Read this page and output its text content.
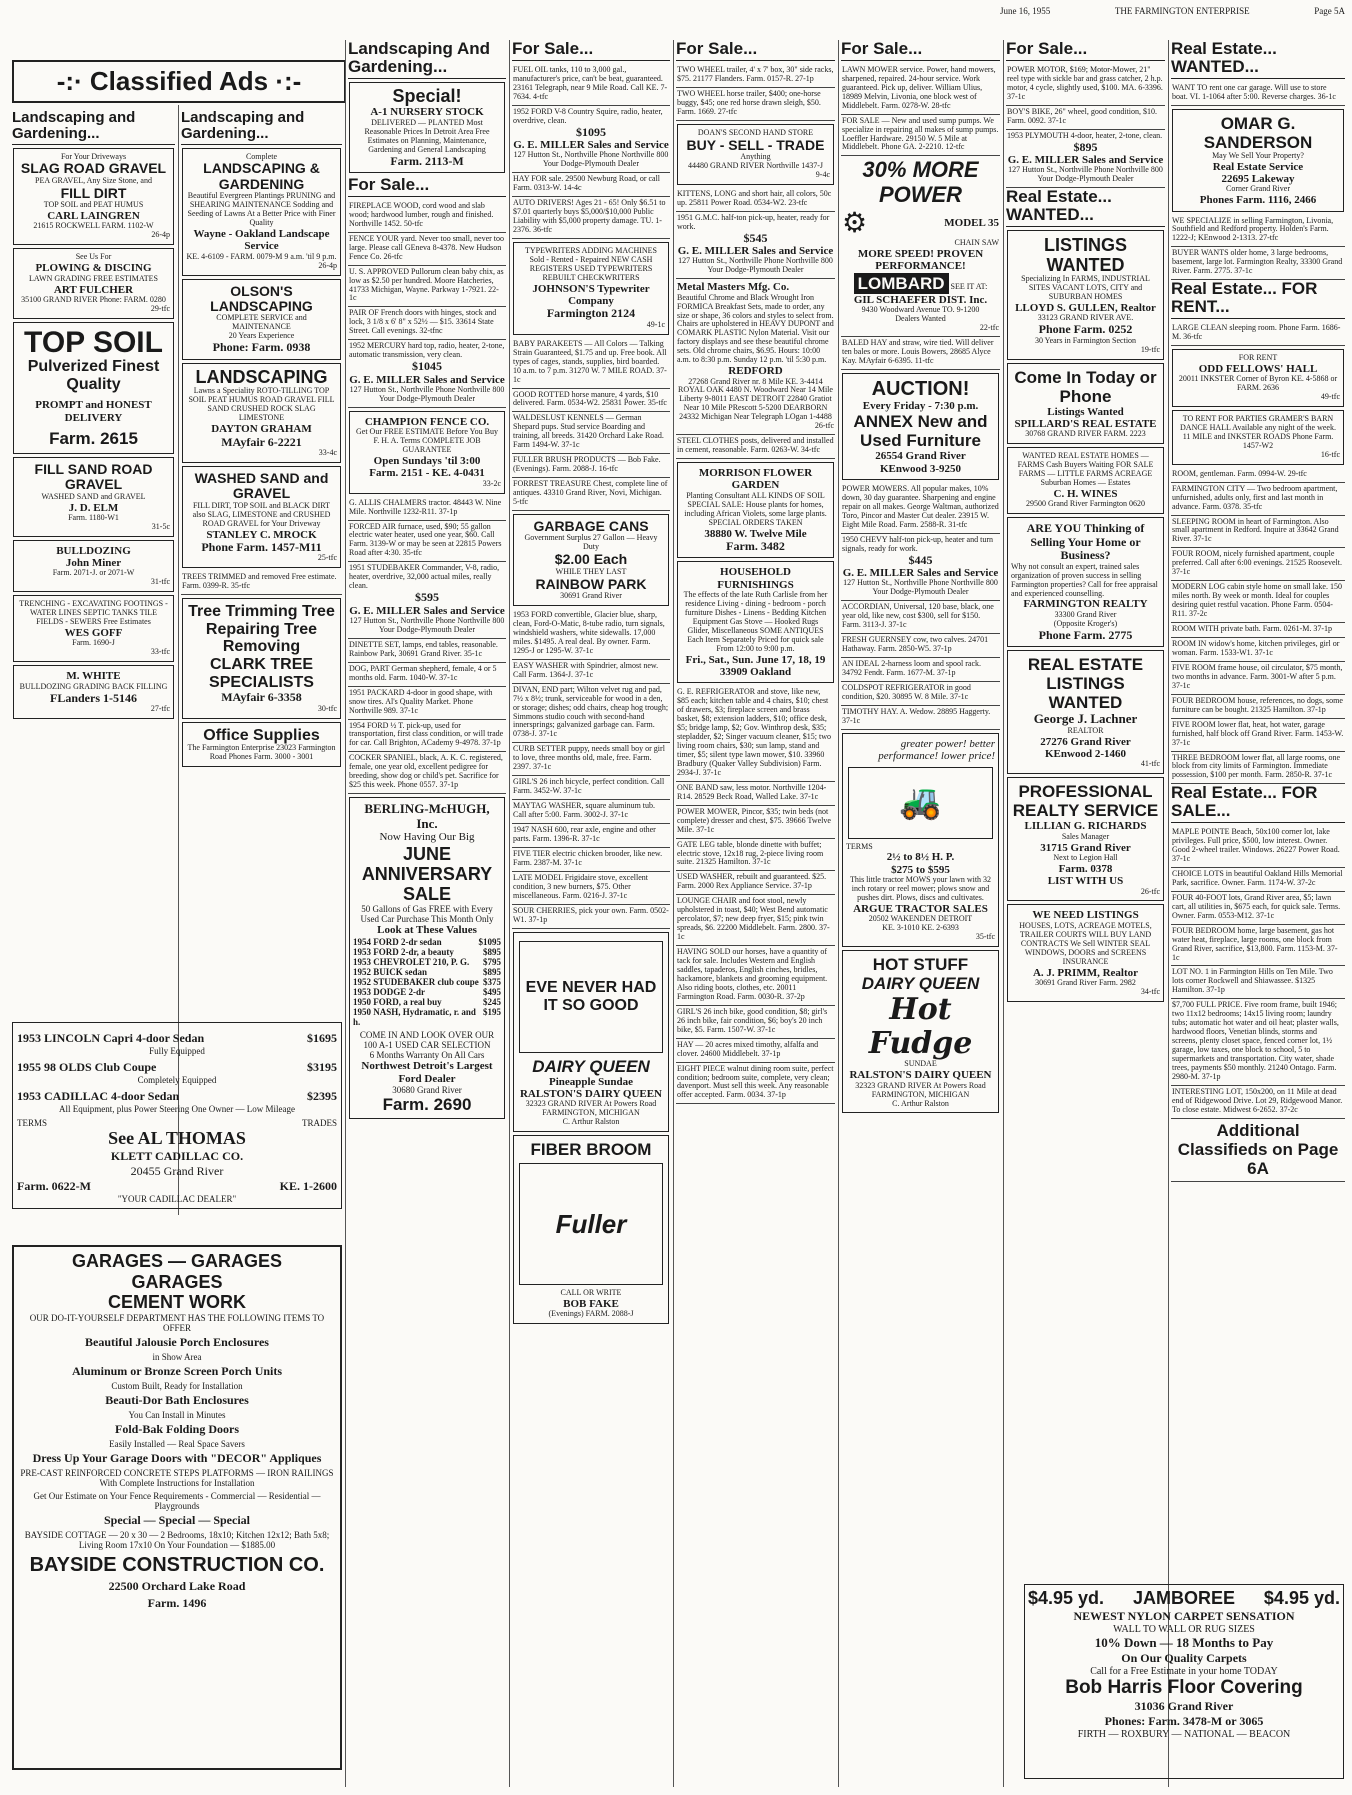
June 16, 1955	THE FARMINGTON ENTERPRISE	Page 5A
-:· Classified Ads ·:-
Landscaping and Gardening...
For Your Driveways
SLAG ROAD GRAVEL
PEA GRAVEL, Any Size Stone, and
FILL DIRT
TOP SOIL and PEAT HUMUS
CARL LAINGREN
21615 ROCKWELL FARM. 1102-W
26-4p
See Us For
PLOWING & DISCING
LAWN GRADING FREE ESTIMATES
ART FULCHER
35100 GRAND RIVER Phone: FARM. 0280
29-tfc
TOP SOIL
Pulverized Finest Quality
PROMPT and HONEST DELIVERY
Farm. 2615
FILL SAND ROAD GRAVEL
WASHED SAND and GRAVEL
J. D. ELM
Farm. 1180-W1
31-5c
BULLDOZING
John Miner
Farm. 2071-J. or 2071-W
31-tfc
TRENCHING - EXCAVATING FOOTINGS - WATER LINES SEPTIC TANKS TILE FIELDS - SEWERS Free Estimates
WES GOFF
Farm. 1690-J
33-tfc
M. WHITE
BULLDOZING GRADING BACK FILLING
FLanders 1-5146
27-tfc
Landscaping and Gardening...
Complete
LANDSCAPING & GARDENING
Beautiful Evergreen Plantings PRUNING and SHEARING MAINTENANCE Sodding and Seeding of Lawns At a Better Price with Finer Quality
Wayne - Oakland Landscape Service
KE. 4-6109 - FARM. 0079-M 9 a.m. 'til 9 p.m.
26-4p
OLSON'S LANDSCAPING
COMPLETE SERVICE and MAINTENANCE
20 Years Experience
Phone: Farm. 0938
LANDSCAPING
Lawns a Speciality ROTO-TILLING TOP SOIL PEAT HUMUS ROAD GRAVEL FILL SAND CRUSHED ROCK SLAG LIMESTONE
DAYTON GRAHAM
MAyfair 6-2221
33-4c
WASHED SAND and GRAVEL
FILL DIRT, TOP SOIL and BLACK DIRT also SLAG, LIMESTONE and CRUSHED ROAD GRAVEL for Your Driveway
STANLEY C. MROCK
Phone Farm. 1457-M11
25-tfc
TREES TRIMMED and removed Free estimate. Farm. 0399-R. 35-tfc
Tree Trimming Tree Repairing Tree Removing
CLARK TREE SPECIALISTS
MAyfair 6-3358
30-tfc
Office Supplies
The Farmington Enterprise 23023 Farmington Road Phones Farm. 3000 - 3001
1953 LINCOLN Capri 4-door Sedan	$1695
Fully Equipped
1955 98 OLDS Club Coupe	$3195
Completely Equipped
1953 CADILLAC 4-door Sedan	$2395
All Equipment, plus Power Steering One Owner — Low Mileage
TERMS	TRADES
See AL THOMAS
KLETT CADILLAC CO.
20455 Grand River
Farm. 0622-M	KE. 1-2600
"YOUR CADILLAC DEALER"
GARAGES — GARAGES
GARAGES
CEMENT WORK
OUR DO-IT-YOURSELF DEPARTMENT HAS THE FOLLOWING ITEMS TO OFFER
Beautiful Jalousie Porch Enclosures
in Show Area
Aluminum or Bronze Screen Porch Units
Custom Built, Ready for Installation
Beauti-Dor Bath Enclosures
You Can Install in Minutes
Fold-Bak Folding Doors
Easily Installed — Real Space Savers
Dress Up Your Garage Doors with "DECOR" Appliques
PRE-CAST REINFORCED CONCRETE STEPS PLATFORMS — IRON RAILINGS With Complete Instructions for Installation
Get Our Estimate on Your Fence Requirements - Commercial — Residential — Playgrounds
Special — Special — Special
BAYSIDE COTTAGE — 20 x 30 — 2 Bedrooms, 18x10; Kitchen 12x12; Bath 5x8; Living Room 17x10 On Your Foundation — $1885.00
BAYSIDE CONSTRUCTION CO.
22500 Orchard Lake Road
Farm. 1496
Landscaping And Gardening...
Special!
A-1 NURSERY STOCK
DELIVERED — PLANTED Most Reasonable Prices In Detroit Area Free Estimates on Planning, Maintenance, Gardening and General Landscaping
Farm. 2113-M
For Sale...
FIREPLACE WOOD, cord wood and slab wood; hardwood lumber, rough and finished. Northville 1452. 50-tfc
FENCE YOUR yard. Never too small, never too large. Please call GEneva 8-4378. New Hudson Fence Co. 26-tfc
U. S. APPROVED Pullorum clean baby chix, as low as $2.50 per hundred. Moore Hatcheries, 41733 Michigan, Wayne. Parkway 1-7921. 22-1c
PAIR OF French doors with hinges, stock and lock, 3 1/8 x 6' 8" x 52½ — $15. 33614 State Street. Call evenings. 32-tfnc
1952 MERCURY hard top, radio, heater, 2-tone, automatic transmission, very clean.
$1045
G. E. MILLER Sales and Service
127 Hutton St., Northville Phone Northville 800
Your Dodge-Plymouth Dealer
CHAMPION FENCE CO.
Get Our FREE ESTIMATE Before You Buy F. H. A. Terms COMPLETE JOB GUARANTEE
Open Sundays 'til 3:00
Farm. 2151 - KE. 4-0431
33-2c
G. ALLIS CHALMERS tractor. 48443 W. Nine Mile. Northville 1232-R11. 37-1p
FORCED AIR furnace, used, $90; 55 gallon electric water heater, used one year, $60. Call Farm. 3139-W or may be seen at 22815 Powers Road after 4:30. 35-tfc
1951 STUDEBAKER Commander, V-8, radio, heater, overdrive, 32,000 actual miles, really clean.
$595
G. E. MILLER Sales and Service
127 Hutton St., Northville Phone Northville 800
Your Dodge-Plymouth Dealer
DINETTE SET, lamps, end tables, reasonable. Rainbow Park, 30691 Grand River. 35-1c
DOG, PART German shepherd, female, 4 or 5 months old. Farm. 1040-W. 37-1c
1951 PACKARD 4-door in good shape, with snow tires. Al's Quality Market. Phone Northville 989. 37-1c
1954 FORD ½ T. pick-up, used for transportation, first class condition, or will trade for car. Call Brighton, ACademy 9-4978. 37-1p
COCKER SPANIEL, black, A. K. C. registered, female, one year old, excellent pedigree for breeding, show dog or child's pet. Sacrifice for $25 this week. Phone 0557. 37-1p
BERLING-McHUGH, Inc.
Now Having Our Big
JUNE ANNIVERSARY SALE
50 Gallons of Gas FREE with Every Used Car Purchase This Month Only
Look at These Values
1954 FORD 2-dr sedan	$1095
1953 FORD 2-dr, a beauty	$895
1953 CHEVROLET 210, P. G. $795
1952 BUICK sedan	$895
1952 STUDEBAKER club coupe $375
1953 DODGE 2-dr	$495
1950 FORD, a real buy	$245
1950 NASH, Hydramatic, r. and h.
$195
COME IN AND LOOK OVER OUR 100 A-1 USED CAR SELECTION
6 Months Warranty On All Cars
Northwest Detroit's Largest Ford Dealer
30680 Grand River
Farm. 2690
For Sale...
FUEL OIL tanks, 110 to 3,000 gal., manufacturer's price, can't be beat, guaranteed. 23161 Telegraph, near 9 Mile Road. Call KE. 7-7634. 4-tfc
1952 FORD V-8 Country Squire, radio, heater, overdrive, clean.
$1095
G. E. MILLER Sales and Service
127 Hutton St., Northville Phone Northville 800
Your Dodge-Plymouth Dealer
HAY FOR sale. 29500 Newburg Road, or call Farm. 0313-W. 14-4c
AUTO DRIVERS! Ages 21 - 65! Only $6.51 to $7.01 quarterly buys $5,000/$10,000 Public Liability with $5,000 property damage. TU. 1-2376. 36-tfc
TYPEWRITERS ADDING MACHINES Sold - Rented - Repaired NEW CASH REGISTERS USED TYPEWRITERS REBUILT CHECKWRITERS
JOHNSON'S Typewriter Company
Farmington 2124
49-1c
BABY PARAKEETS — All Colors — Talking Strain Guaranteed, $1.75 and up. Free book. All types of cages, stands, supplies, bird boarded. 10 a.m. to 7 p.m. 31270 W. 7 MILE ROAD. 37-1c
GOOD ROTTED horse manure, 4 yards, $10 delivered. Farm. 0534-W2. 25831 Power. 35-tfc
WALDESLUST KENNELS — German Shepard pups. Stud service Boarding and training, all breeds. 31420 Orchard Lake Road. Farm 1494-W. 37-1c
FULLER BRUSH PRODUCTS — Bob Fake. (Evenings). Farm. 2088-J. 16-tfc
FORREST TREASURE Chest, complete line of antiques. 43310 Grand River, Novi, Michigan. 5-tfc
GARBAGE CANS
Government Surplus 27 Gallon — Heavy Duty
$2.00 Each
WHILE THEY LAST
RAINBOW PARK
30691 Grand River
1953 FORD convertible, Glacier blue, sharp, clean, Ford-O-Matic, 8-tube radio, turn signals, windshield washers, white sidewalls. 17,000 miles. $1495. A real deal. By owner. Farm. 1295-J or 1295-W. 37-1c
EASY WASHER with Spindrier, almost new. Call Farm. 1364-J. 37-1c
DIVAN, END part; Wilton velvet rug and pad, 7½ x 8½; trunk, serviceable for wood in a den, or storage; dishes; odd chairs, cheap hog trough; Simmons studio couch with second-hand innersprings; galvanized garbage can. Farm. 0738-J. 37-1c
CURB SETTER puppy, needs small boy or girl to love, three months old, male, free. Farm. 2397. 37-1c
GIRL'S 26 inch bicycle, perfect condition. Call Farm. 3452-W. 37-1c
MAYTAG WASHER, square aluminum tub. Call after 5:00. Farm. 3002-J. 37-1c
1947 NASH 600, rear axle, engine and other parts. Farm. 1396-R. 37-1c
FIVE TIER electric chicken brooder, like new. Farm. 2387-M. 37-1c
LATE MODEL Frigidaire stove, excellent condition, 3 new burners, $75. Other miscellaneous. Farm. 0216-J. 37-1c
SOUR CHERRIES, pick your own. Farm. 0502-W1. 37-1p
EVE NEVER HAD IT SO GOOD
DAIRY QUEEN
Pineapple Sundae
RALSTON'S DAIRY QUEEN
32323 GRAND RIVER At Powers Road FARMINGTON, MICHIGAN
C. Arthur Ralston
FIBER BROOM
Fuller
CALL OR WRITE
BOB FAKE
(Evenings) FARM. 2088-J
For Sale...
TWO WHEEL trailer, 4' x 7' box, 30" side racks, $75. 21177 Flanders. Farm. 0157-R. 27-1p
TWO WHEEL horse trailer, $400; one-horse buggy, $45; one red horse drawn sleigh, $50. Farm. 1669. 27-tfc
DOAN'S SECOND HAND STORE
BUY - SELL - TRADE
Anything
44480 GRAND RIVER Northville 1437-J
9-4c
KITTENS, LONG and short hair, all colors, 50c up. 25811 Power Road. 0534-W2. 23-tfc
1951 G.M.C. half-ton pick-up, heater, ready for work.
$545
G. E. MILLER Sales and Service
127 Hutton St., Northville Phone Northville 800
Your Dodge-Plymouth Dealer
Metal Masters Mfg. Co.
Beautiful Chrome and Black Wrought Iron FORMICA Breakfast Sets, made to order, any size or shape, 36 colors and styles to select from. Chairs are upholstered in HEAVY DUPONT and COMARK PLASTIC Nylon Material. Visit our factory displays and see these beautiful chrome sets. Old chrome chairs, $6.95. Hours: 10:00 a.m. to 8:30 p.m. Sunday 12 p.m. 'til 5:30 p.m.
REDFORD
27268 Grand River nr. 8 Mile KE. 3-4414 ROYAL OAK 4480 N. Woodward Near 14 Mile Liberty 9-8011 EAST DETROIT 22840 Gratiot Near 10 Mile PRescott 5-5200 DEARBORN 24332 Michigan Near Telegraph LOgan 1-4488
26-tfc
STEEL CLOTHES posts, delivered and installed in cement, reasonable. Farm. 0263-W. 34-tfc
MORRISON FLOWER GARDEN
Planting Consultant ALL KINDS OF SOIL SPECIAL SALE: House plants for homes, including African Violets, some large plants. SPECIAL ORDERS TAKEN
38880 W. Twelve Mile
Farm. 3482
HOUSEHOLD FURNISHINGS
The effects of the late Ruth Carlisle from her residence Living - dining - bedroom - porch furniture Dishes - Linens - Bedding Kitchen Equipment Gas Stove — Hooked Rugs Glider, Miscellaneous SOME ANTIQUES Each Item Separately Priced for quick sale From 12:00 to 9:00 p.m.
Fri., Sat., Sun. June 17, 18, 19
33909 Oakland
G. E. REFRIGERATOR and stove, like new, $85 each; kitchen table and 4 chairs, $10; chest of drawers, $3; fireplace screen and brass basket, $8; extension ladders, $10; office desk, $5; bridge lamp, $2; Gov. Winthrop desk, $35; stepladder, $2; Singer vacuum cleaner, $15; two living room chairs, $30; sun lamp, stand and timer, $5; silent type lawn mower, $10. 33960 Bradbury (Quaker Valley Subdivision) Farm. 2934-J. 37-1c
ONE BAND saw, less motor. Northville 1204-R14. 28529 Beck Road, Walled Lake. 37-1c
POWER MOWER, Pincor, $35; twin beds (not complete) dresser and chest, $75. 39666 Twelve Mile. 37-1c
GATE LEG table, blonde dinette with buffet; electric stove, 12x18 rug, 2-piece living room suite. 21325 Hamilton. 37-1c
USED WASHER, rebuilt and guaranteed. $25. Farm. 2000 Rex Appliance Service. 37-1p
LOUNGE CHAIR and foot stool, newly upholstered in toast, $40; West Bend automatic percolator, $7; new deep fryer, $15; pink twin spreads, $6. 22200 Middlebelt. Farm. 2800. 37-1c
HAVING SOLD our horses, have a quantity of tack for sale. Includes Western and English saddles, tapaderos, English cinches, bridles, hackamore, blankets and grooming equipment. Also riding boots, clothes, etc. 20011 Farmington Road. Farm. 0030-R. 37-2p
GIRL'S 26 inch bike, good condition, $8; girl's 26 inch bike, fair condition, $6; boy's 20 inch bike, $5. Farm. 1507-W. 37-1c
HAY — 20 acres mixed timothy, alfalfa and clover. 24600 Middlebelt. 37-1p
EIGHT PIECE walnut dining room suite, perfect condition; bedroom suite, complete, very clean; davenport. Must sell this week. Any reasonable offer accepted. Farm. 0034. 37-1p
For Sale...
LAWN MOWER service. Power, hand mowers, sharpened, repaired. 24-hour service. Work guaranteed. Pick up, deliver. William Ulius, 18989 Melvin, Livonia, one block west of Middlebelt. Farm. 0278-W. 28-tfc
FOR SALE — New and used sump pumps. We specialize in repairing all makes of sump pumps. Loeffler Hardware. 29150 W. 5 Mile at Middlebelt. Phone GA. 2-2210. 12-tfc
30% MORE POWER
⚙	MODEL 35
CHAIN SAW
MORE SPEED! PROVEN PERFORMANCE!
LOMBARD SEE IT AT:
GIL SCHAEFER DIST. Inc.
9430 Woodward Avenue TO. 9-1200
Dealers Wanted
22-tfc
BALED HAY and straw, wire tied. Will deliver ten bales or more. Louis Bowers, 28685 Alyce Kay. MAyfair 6-6395. 11-tfc
AUCTION!
Every Friday - 7:30 p.m.
ANNEX New and Used Furniture
26554 Grand River
KEnwood 3-9250
POWER MOWERS. All popular makes, 10% down, 30 day guarantee. Sharpening and engine repair on all makes. George Waltman, authorized Toro, Pincor and Master Cut dealer. 23915 W. Eight Mile Road. Farm. 2588-R. 31-tfc
1950 CHEVY half-ton pick-up, heater and turn signals, ready for work.
$445
G. E. MILLER Sales and Service
127 Hutton St., Northville Phone Northville 800
Your Dodge-Plymouth Dealer
ACCORDIAN, Universal, 120 base, black, one year old, like new, cost $300, sell for $150. Farm. 3113-J. 37-1c
FRESH GUERNSEY cow, two calves. 24701 Hathaway. Farm. 2850-W5. 37-1p
AN IDEAL 2-harness loom and spool rack. 34792 Fendt. Farm. 1677-M. 37-1p
COLDSPOT REFRIGERATOR in good condition, $20. 30895 W. 8 Mile. 37-1c
TIMOTHY HAY. A. Wedow. 28895 Haggerty. 37-1c
greater power! better performance! lower price!
🚜
TERMS
2½ to 8½ H. P.
$275 to $595
This little tractor MOWS your lawn with 32 inch rotary or reel mower; plows snow and pushes dirt. Plows, discs and cultivates.
ARGUE TRACTOR SALES
20502 WAKENDEN DETROIT
KE. 3-1010 KE. 2-6393
35-tfc
HOT STUFF
DAIRY QUEEN
Hot Fudge
SUNDAE
RALSTON'S DAIRY QUEEN
32323 GRAND RIVER At Powers Road FARMINGTON, MICHIGAN
C. Arthur Ralston
For Sale...
POWER MOTOR, $169; Motor-Mower, 21" reel type with sickle bar and grass catcher, 2 h.p. motor, 4 cycle, slightly used, $100. MA. 6-3396. 37-1c
BOY'S BIKE, 26" wheel, good condition, $10. Farm. 0092. 37-1c
1953 PLYMOUTH 4-door, heater, 2-tone, clean.
$895
G. E. MILLER Sales and Service
127 Hutton St., Northville Phone Northville 800
Your Dodge-Plymouth Dealer
Real Estate... WANTED...
LISTINGS WANTED
Specializing In FARMS, INDUSTRIAL SITES VACANT LOTS, CITY and SUBURBAN HOMES
LLOYD S. GULLEN, Realtor
33123 GRAND RIVER AVE.
Phone Farm. 0252
30 Years in Farmington Section
19-tfc
Come In Today or Phone
Listings Wanted
SPILLARD'S REAL ESTATE
30768 GRAND RIVER FARM. 2223
WANTED REAL ESTATE HOMES — FARMS Cash Buyers Waiting FOR SALE FARMS — LITTLE FARMS ACREAGE Suburban Homes — Estates
C. H. WINES
29500 Grand River Farmington 0620
ARE YOU Thinking of Selling Your Home or Business?
Why not consult an expert, trained sales organization of proven success in selling Farmington properties? Call for free appraisal and experienced counselling.
FARMINGTON REALTY
33300 Grand River
(Opposite Kroger's)
Phone Farm. 2775
REAL ESTATE LISTINGS WANTED
George J. Lachner
REALTOR
27276 Grand River
KEnwood 2-1460
41-tfc
PROFESSIONAL REALTY SERVICE
LILLIAN G. RICHARDS
Sales Manager
31715 Grand River
Next to Legion Hall
Farm. 0378
LIST WITH US
26-tfc
WE NEED LISTINGS
HOUSES, LOTS, ACREAGE MOTELS, TRAILER COURTS WILL BUY LAND CONTRACTS We Sell WINTER SEAL WINDOWS, DOORS and SCREENS INSURANCE
A. J. PRIMM, Realtor
30691 Grand River Farm. 2982
34-tfc
Real Estate... WANTED...
WANT TO rent one car garage. Will use to store boat. VI. 1-1064 after 5:00. Reverse charges. 36-1c
OMAR G. SANDERSON
May We Sell Your Property?
Real Estate Service
22695 Lakeway
Corner Grand River
Phones Farm. 1116, 2466
WE SPECIALIZE in selling Farmington, Livonia, Southfield and Redford property. Holden's Farm. 1222-J; KEnwood 2-1313. 27-tfc
BUYER WANTS older home, 3 large bedrooms, basement, large lot. Farmington Realty, 33300 Grand River. Farm. 2775. 37-1c
Real Estate... FOR RENT...
LARGE CLEAN sleeping room. Phone Farm. 1686-M. 36-tfc
FOR RENT
ODD FELLOWS' HALL
20011 INKSTER Corner of Byron KE. 4-5868 or FARM. 2636
49-tfc
TO RENT FOR PARTIES GRAMER'S BARN DANCE HALL Available any night of the week. 11 MILE and INKSTER ROADS Phone Farm. 1457-W2
16-tfc
ROOM, gentleman. Farm. 0994-W. 29-tfc
FARMINGTON CITY — Two bedroom apartment, unfurnished, adults only, first and last month in advance. Farm. 0378. 35-tfc
SLEEPING ROOM in heart of Farmington. Also small apartment in Redford. Inquire at 33642 Grand River. 37-1c
FOUR ROOM, nicely furnished apartment, couple preferred. Call after 6:00 evenings. 21525 Roosevelt. 37-1c
MODERN LOG cabin style home on small lake. 150 miles north. By week or month. Ideal for couples desiring quiet restful vacation. Phone Farm. 0504-R11. 37-2c
ROOM WITH private bath. Farm. 0261-M. 37-1p
ROOM IN widow's home, kitchen privileges, girl or woman. Farm. 1533-W1. 37-1c
FIVE ROOM frame house, oil circulator, $75 month, two months in advance. Farm. 3001-W after 5 p.m. 37-1c
FOUR BEDROOM house, references, no dogs, some furniture can be bought. 21325 Hamilton. 37-1p
FIVE ROOM lower flat, heat, hot water, garage furnished, half block off Grand River. Farm. 1453-W. 37-1c
THREE BEDROOM lower flat, all large rooms, one block from city limits of Farmington. Immediate possession, $100 per month. Farm. 2850-R. 37-1c
Real Estate... FOR SALE...
MAPLE POINTE Beach, 50x100 corner lot, lake privileges. Full price, $500, low interest. Owner. Good 2-wheel trailer. Windows. 26227 Power Road. 37-1c
CHOICE LOTS in beautiful Oakland Hills Memorial Park, sacrifice. Owner. Farm. 1174-W. 37-2c
FOUR 40-FOOT lots, Grand River area, $5; lawn cart, all utilities in, $675 each, for quick sale. Terms. Owner. Farm. 0553-M12. 37-1c
FOUR BEDROOM home, large basement, gas hot water heat, fireplace, large rooms, one block from Grand River, sacrifice, $13,800. Farm. 1153-M. 37-1c
LOT NO. 1 in Farmington Hills on Ten Mile. Two lots corner Rockwell and Shiawassee. $1325 Hamilton. 37-1p
$7,700 FULL PRICE. Five room frame, built 1946; two 11x12 bedrooms; 14x15 living room; laundry tubs; automatic hot water and oil heat; plaster walls, hardwood floors, Venetian blinds, storms and screens, plenty closet space, fenced corner lot, 1½ garage, low taxes, one block to school, 5 to supermarkets and transportation. City water, shade trees, payments $50 monthly. 21240 Ontago. Farm. 2980-M. 37-1p
INTERESTING LOT, 150x200, on 11 Mile at dead end of Ridgewood Drive. Lot 29, Ridgewood Manor. To close estate. Midwest 6-2652. 37-2c
Additional Classifieds on Page 6A
$4.95 yd. JAMBOREE $4.95 yd.
NEWEST NYLON CARPET SENSATION
WALL TO WALL OR RUG SIZES
10% Down — 18 Months to Pay
On Our Quality Carpets
Call for a Free Estimate in your home TODAY
Bob Harris Floor Covering
31036 Grand River
Phones: Farm. 3478-M or 3065
FIRTH — ROXBURY — NATIONAL — BEACON
